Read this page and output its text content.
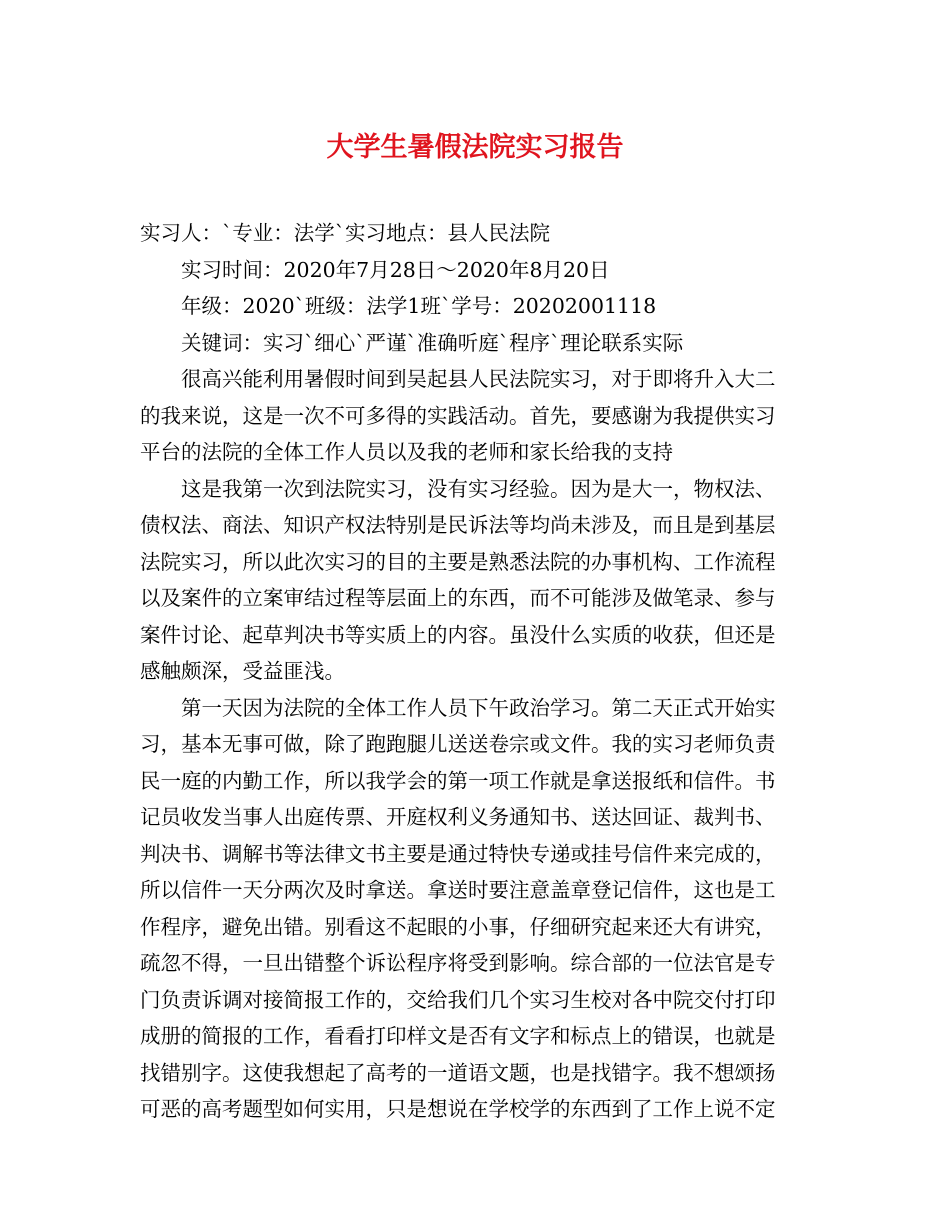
大学生暑假法院实习报告
实习人：`专业：法学`实习地点：县人民法院
实习时间：2020年7月28日～2020年8月20日
年级：2020`班级：法学1班`学号：20202001118
关键词：实习`细心`严谨`准确听庭`程序`理论联系实际
很高兴能利用暑假时间到吴起县人民法院实习，对于即将升入大二
的我来说，这是一次不可多得的实践活动。首先，要感谢为我提供实习
平台的法院的全体工作人员以及我的老师和家长给我的支持
这是我第一次到法院实习，没有实习经验。因为是大一，物权法、
债权法、商法、知识产权法特别是民诉法等均尚未涉及，而且是到基层
法院实习，所以此次实习的目的主要是熟悉法院的办事机构、工作流程
以及案件的立案审结过程等层面上的东西，而不可能涉及做笔录、参与
案件讨论、起草判决书等实质上的内容。虽没什么实质的收获，但还是
感触颇深，受益匪浅。
第一天因为法院的全体工作人员下午政治学习。第二天正式开始实
习，基本无事可做，除了跑跑腿儿送送卷宗或文件。我的实习老师负责
民一庭的内勤工作，所以我学会的第一项工作就是拿送报纸和信件。书
记员收发当事人出庭传票、开庭权利义务通知书、送达回证、裁判书、
判决书、调解书等法律文书主要是通过特快专递或挂号信件来完成的，
所以信件一天分两次及时拿送。拿送时要注意盖章登记信件，这也是工
作程序，避免出错。别看这不起眼的小事，仔细研究起来还大有讲究，
疏忽不得，一旦出错整个诉讼程序将受到影响。综合部的一位法官是专
门负责诉调对接简报工作的，交给我们几个实习生校对各中院交付打印
成册的简报的工作，看看打印样文是否有文字和标点上的错误，也就是
找错别字。这使我想起了高考的一道语文题，也是找错字。我不想颂扬
可恶的高考题型如何实用，只是想说在学校学的东西到了工作上说不定
